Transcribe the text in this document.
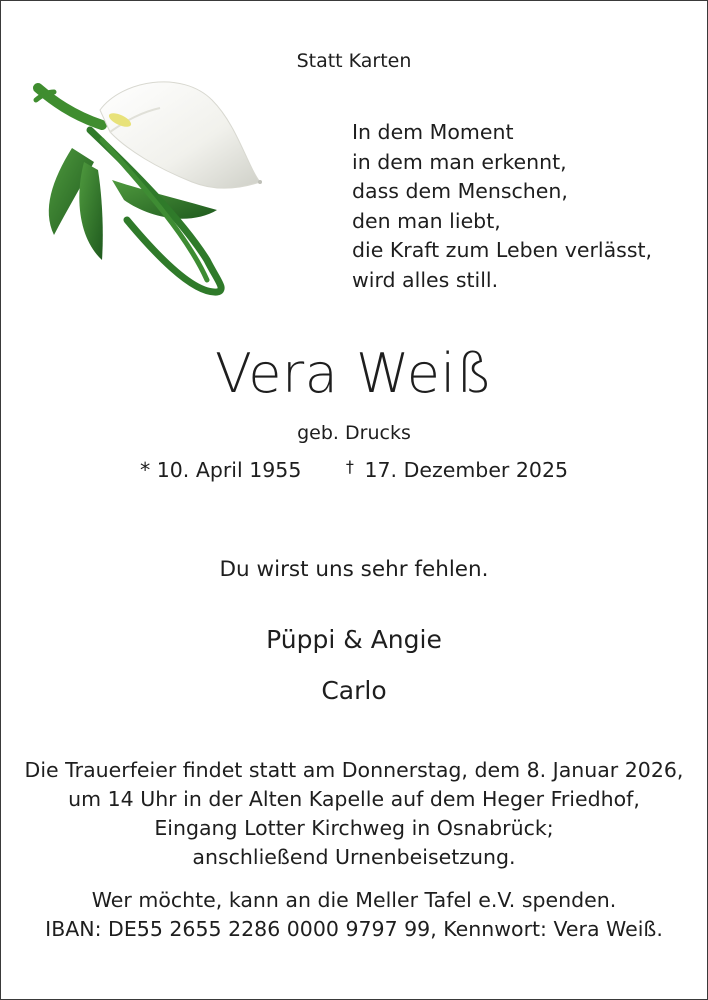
Statt Karten
In dem Moment
in dem man erkennt,
dass dem Menschen,
den man liebt,
die Kraft zum Leben verlässt,
wird alles still.
Vera Weiß
geb. Drucks
* 10. April 1955	† 17. Dezember 2025
Du wirst uns sehr fehlen.
Püppi & Angie
Carlo
Die Trauerfeier findet statt am Donnerstag, dem 8. Januar 2026,
um 14 Uhr in der Alten Kapelle auf dem Heger Friedhof,
Eingang Lotter Kirchweg in Osnabrück;
anschließend Urnenbeisetzung.
Wer möchte, kann an die Meller Tafel e.V. spenden.
IBAN: DE55 2655 2286 0000 9797 99, Kennwort: Vera Weiß.
